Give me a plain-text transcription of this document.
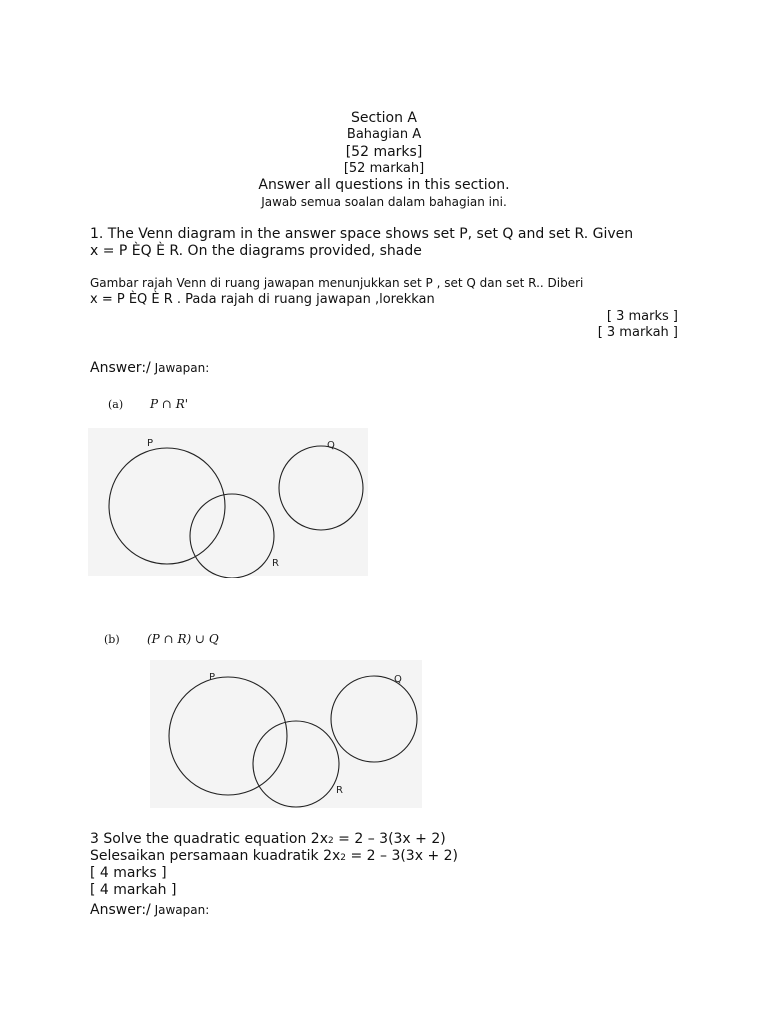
Section A
Bahagian A
[52 marks]
[52 markah]
Answer all questions in this section.
Jawab semua soalan dalam bahagian ini.
1. The Venn diagram in the answer space shows set P, set Q and set R. Given
x = P ÈQ È R. On the diagrams provided, shade
Gambar rajah Venn di ruang jawapan menunjukkan set P , set Q dan set R.. Diberi
x = P ÈQ È R . Pada rajah di ruang jawapan ,lorekkan
[ 3 marks ]
[ 3 markah ]
Answer:/ Jawapan:
(a) P ∩ R'
P	Q
R
(b) (P ∩ R) ∪ Q
P	Q
R
3 Solve the quadratic equation 2x2 = 2 – 3(3x + 2)
Selesaikan persamaan kuadratik 2x2 = 2 – 3(3x + 2)
[ 4 marks ]
[ 4 markah ]
Answer:/ Jawapan:
